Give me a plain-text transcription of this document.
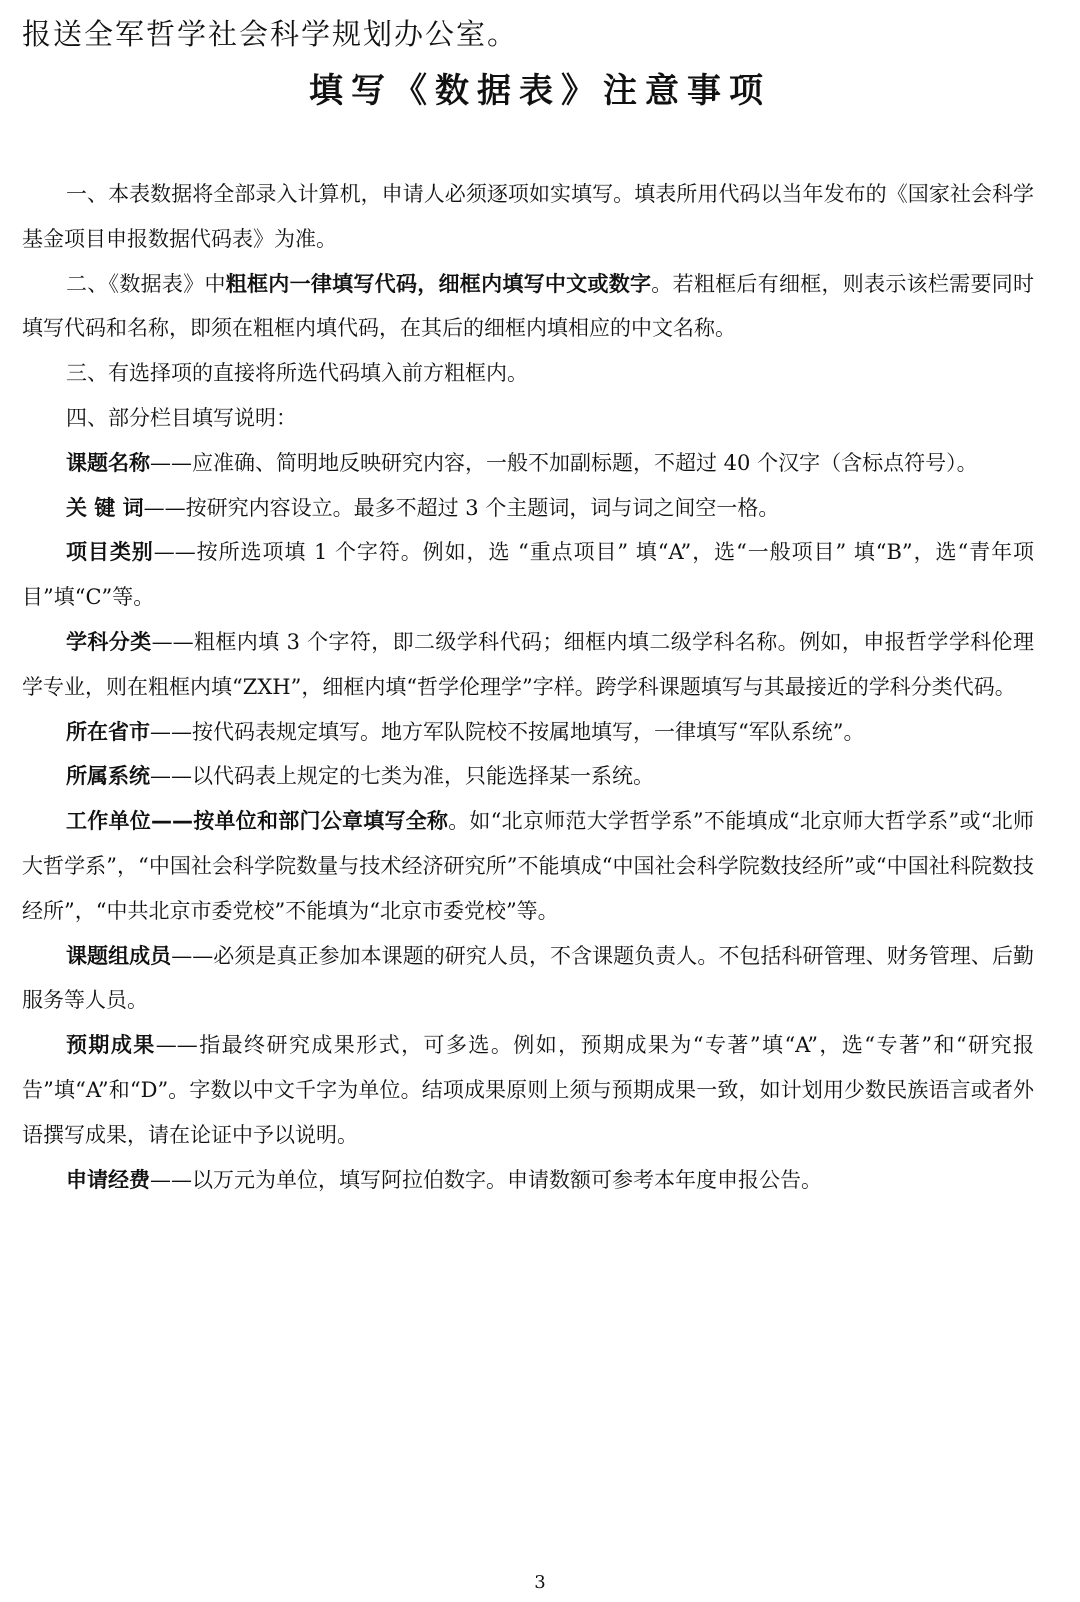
报送全军哲学社会科学规划办公室。
填写《数据表》注意事项

一、本表数据将全部录入计算机，申请人必须逐项如实填写。填表所用代码以当年发布的《国家社会科学基金项目申报数据代码表》为准。

二、《数据表》中粗框内一律填写代码，细框内填写中文或数字。若粗框后有细框，则表示该栏需要同时填写代码和名称，即须在粗框内填代码，在其后的细框内填相应的中文名称。

三、有选择项的直接将所选代码填入前方粗框内。

四、部分栏目填写说明：

课题名称——应准确、简明地反映研究内容，一般不加副标题，不超过 40 个汉字（含标点符号）。

关 键 词——按研究内容设立。最多不超过 3 个主题词，词与词之间空一格。

项目类别——按所选项填 1 个字符。例如，选 “重点项目” 填“A”，选“一般项目” 填“B”，选“青年项目”填“C”等。

学科分类——粗框内填 3 个字符，即二级学科代码；细框内填二级学科名称。例如，申报哲学学科伦理学专业，则在粗框内填“ZXH”，细框内填“哲学伦理学”字样。跨学科课题填写与其最接近的学科分类代码。

所在省市——按代码表规定填写。地方军队院校不按属地填写，一律填写“军队系统”。

所属系统——以代码表上规定的七类为准，只能选择某一系统。

工作单位——按单位和部门公章填写全称。如“北京师范大学哲学系”不能填成“北京师大哲学系”或“北师大哲学系”，“中国社会科学院数量与技术经济研究所”不能填成“中国社会科学院数技经所”或“中国社科院数技经所”，“中共北京市委党校”不能填为“北京市委党校”等。

课题组成员——必须是真正参加本课题的研究人员，不含课题负责人。不包括科研管理、财务管理、后勤服务等人员。

预期成果——指最终研究成果形式，可多选。例如，预期成果为“专著”填“A”，选“专著”和“研究报告”填“A”和“D”。字数以中文千字为单位。结项成果原则上须与预期成果一致，如计划用少数民族语言或者外语撰写成果，请在论证中予以说明。

申请经费——以万元为单位，填写阿拉伯数字。申请数额可参考本年度申报公告。

3
